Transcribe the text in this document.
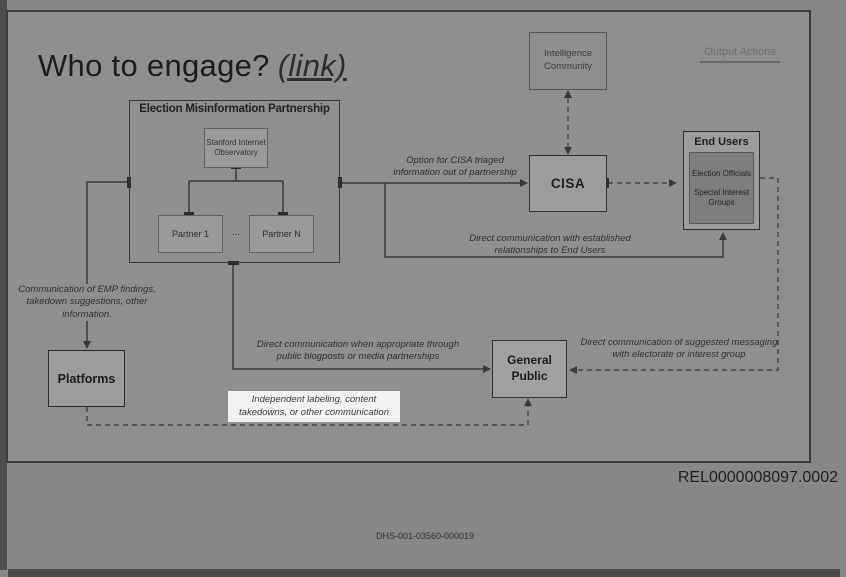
Who to engage? (link)	Output Actions
Election Misinformation Partnership
Stanford Internet Observatory
Partner 1	...	Partner N
Intelligence Community
CISA
End Users
Election Officials
Special Interest Groups
Platforms
General Public
Option for CISA triaged information out of partnership
Direct communication with established relationships to End Users
Communication of EMP findings, takedown suggestions, other information.
Direct communication when appropriate through public blogposts or media partnerships
Direct communication of suggested messaging with electorate or interest group
Independent labeling, content takedowns, or other communication
REL0000008097.0002
DHS-001-03560-000019
